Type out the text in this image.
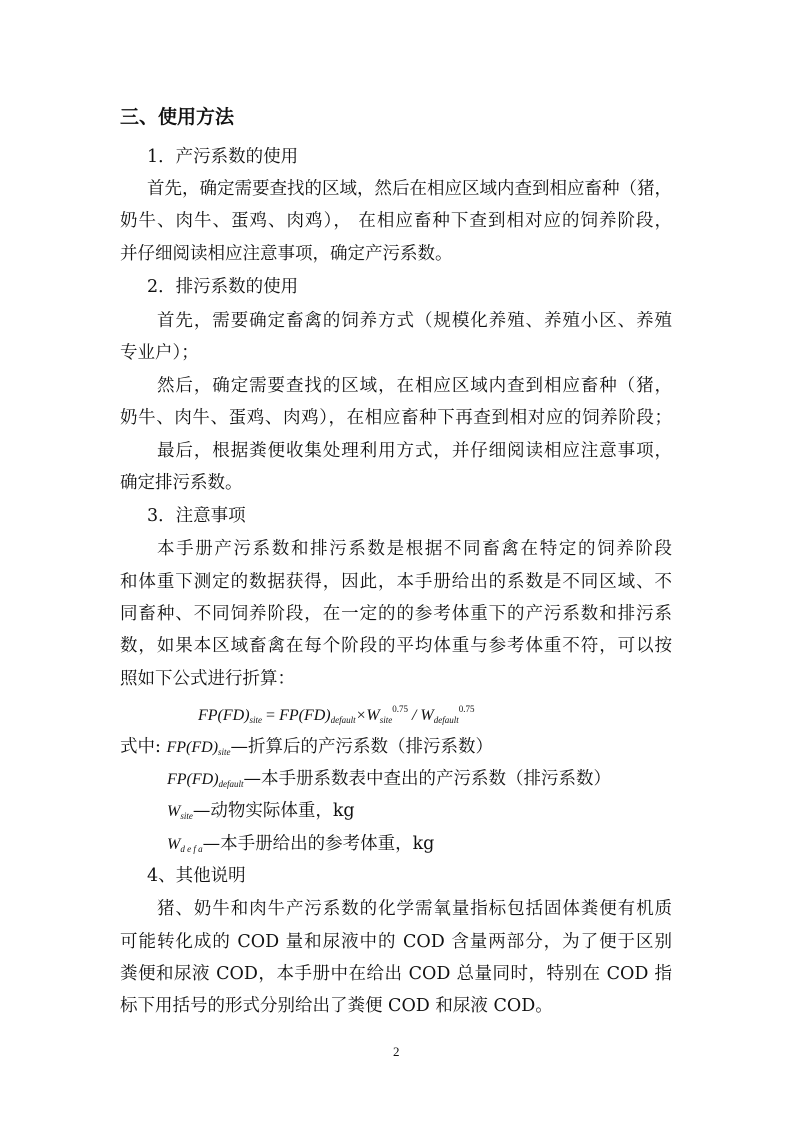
三、使用方法
1．产污系数的使用
首先，确定需要查找的区域，然后在相应区域内查到相应畜种（猪，
奶牛、肉牛、蛋鸡、肉鸡）， 在相应畜种下查到相对应的饲养阶段，
并仔细阅读相应注意事项，确定产污系数。
2．排污系数的使用
首先，需要确定畜禽的饲养方式（规模化养殖、养殖小区、养殖
专业户）；
然后，确定需要查找的区域，在相应区域内查到相应畜种（猪，
奶牛、肉牛、蛋鸡、肉鸡），在相应畜种下再查到相对应的饲养阶段；
最后，根据粪便收集处理利用方式，并仔细阅读相应注意事项，
确定排污系数。
3．注意事项
本手册产污系数和排污系数是根据不同畜禽在特定的饲养阶段
和体重下测定的数据获得，因此，本手册给出的系数是不同区域、不
同畜种、不同饲养阶段，在一定的的参考体重下的产污系数和排污系
数，如果本区域畜禽在每个阶段的平均体重与参考体重不符，可以按
照如下公式进行折算：
$FP(FD)_{site} = FP(FD)_{default}\times W_{site}^{0.75} / W_{default}^{0.75}$
式中: $FP(FD)_{site}—$折算后的产污系数（排污系数）
$FP(FD)_{default}—$本手册系数表中查出的产污系数（排污系数）
$W_{site}—$动物实际体重，kg
$W_{d e f a}—$本手册给出的参考体重，kg
4、其他说明
猪、奶牛和肉牛产污系数的化学需氧量指标包括固体粪便有机质
可能转化成的 COD 量和尿液中的 COD 含量两部分，为了便于区别
粪便和尿液 COD，本手册中在给出 COD 总量同时，特别在 COD 指
标下用括号的形式分别给出了粪便 COD 和尿液 COD。
2
